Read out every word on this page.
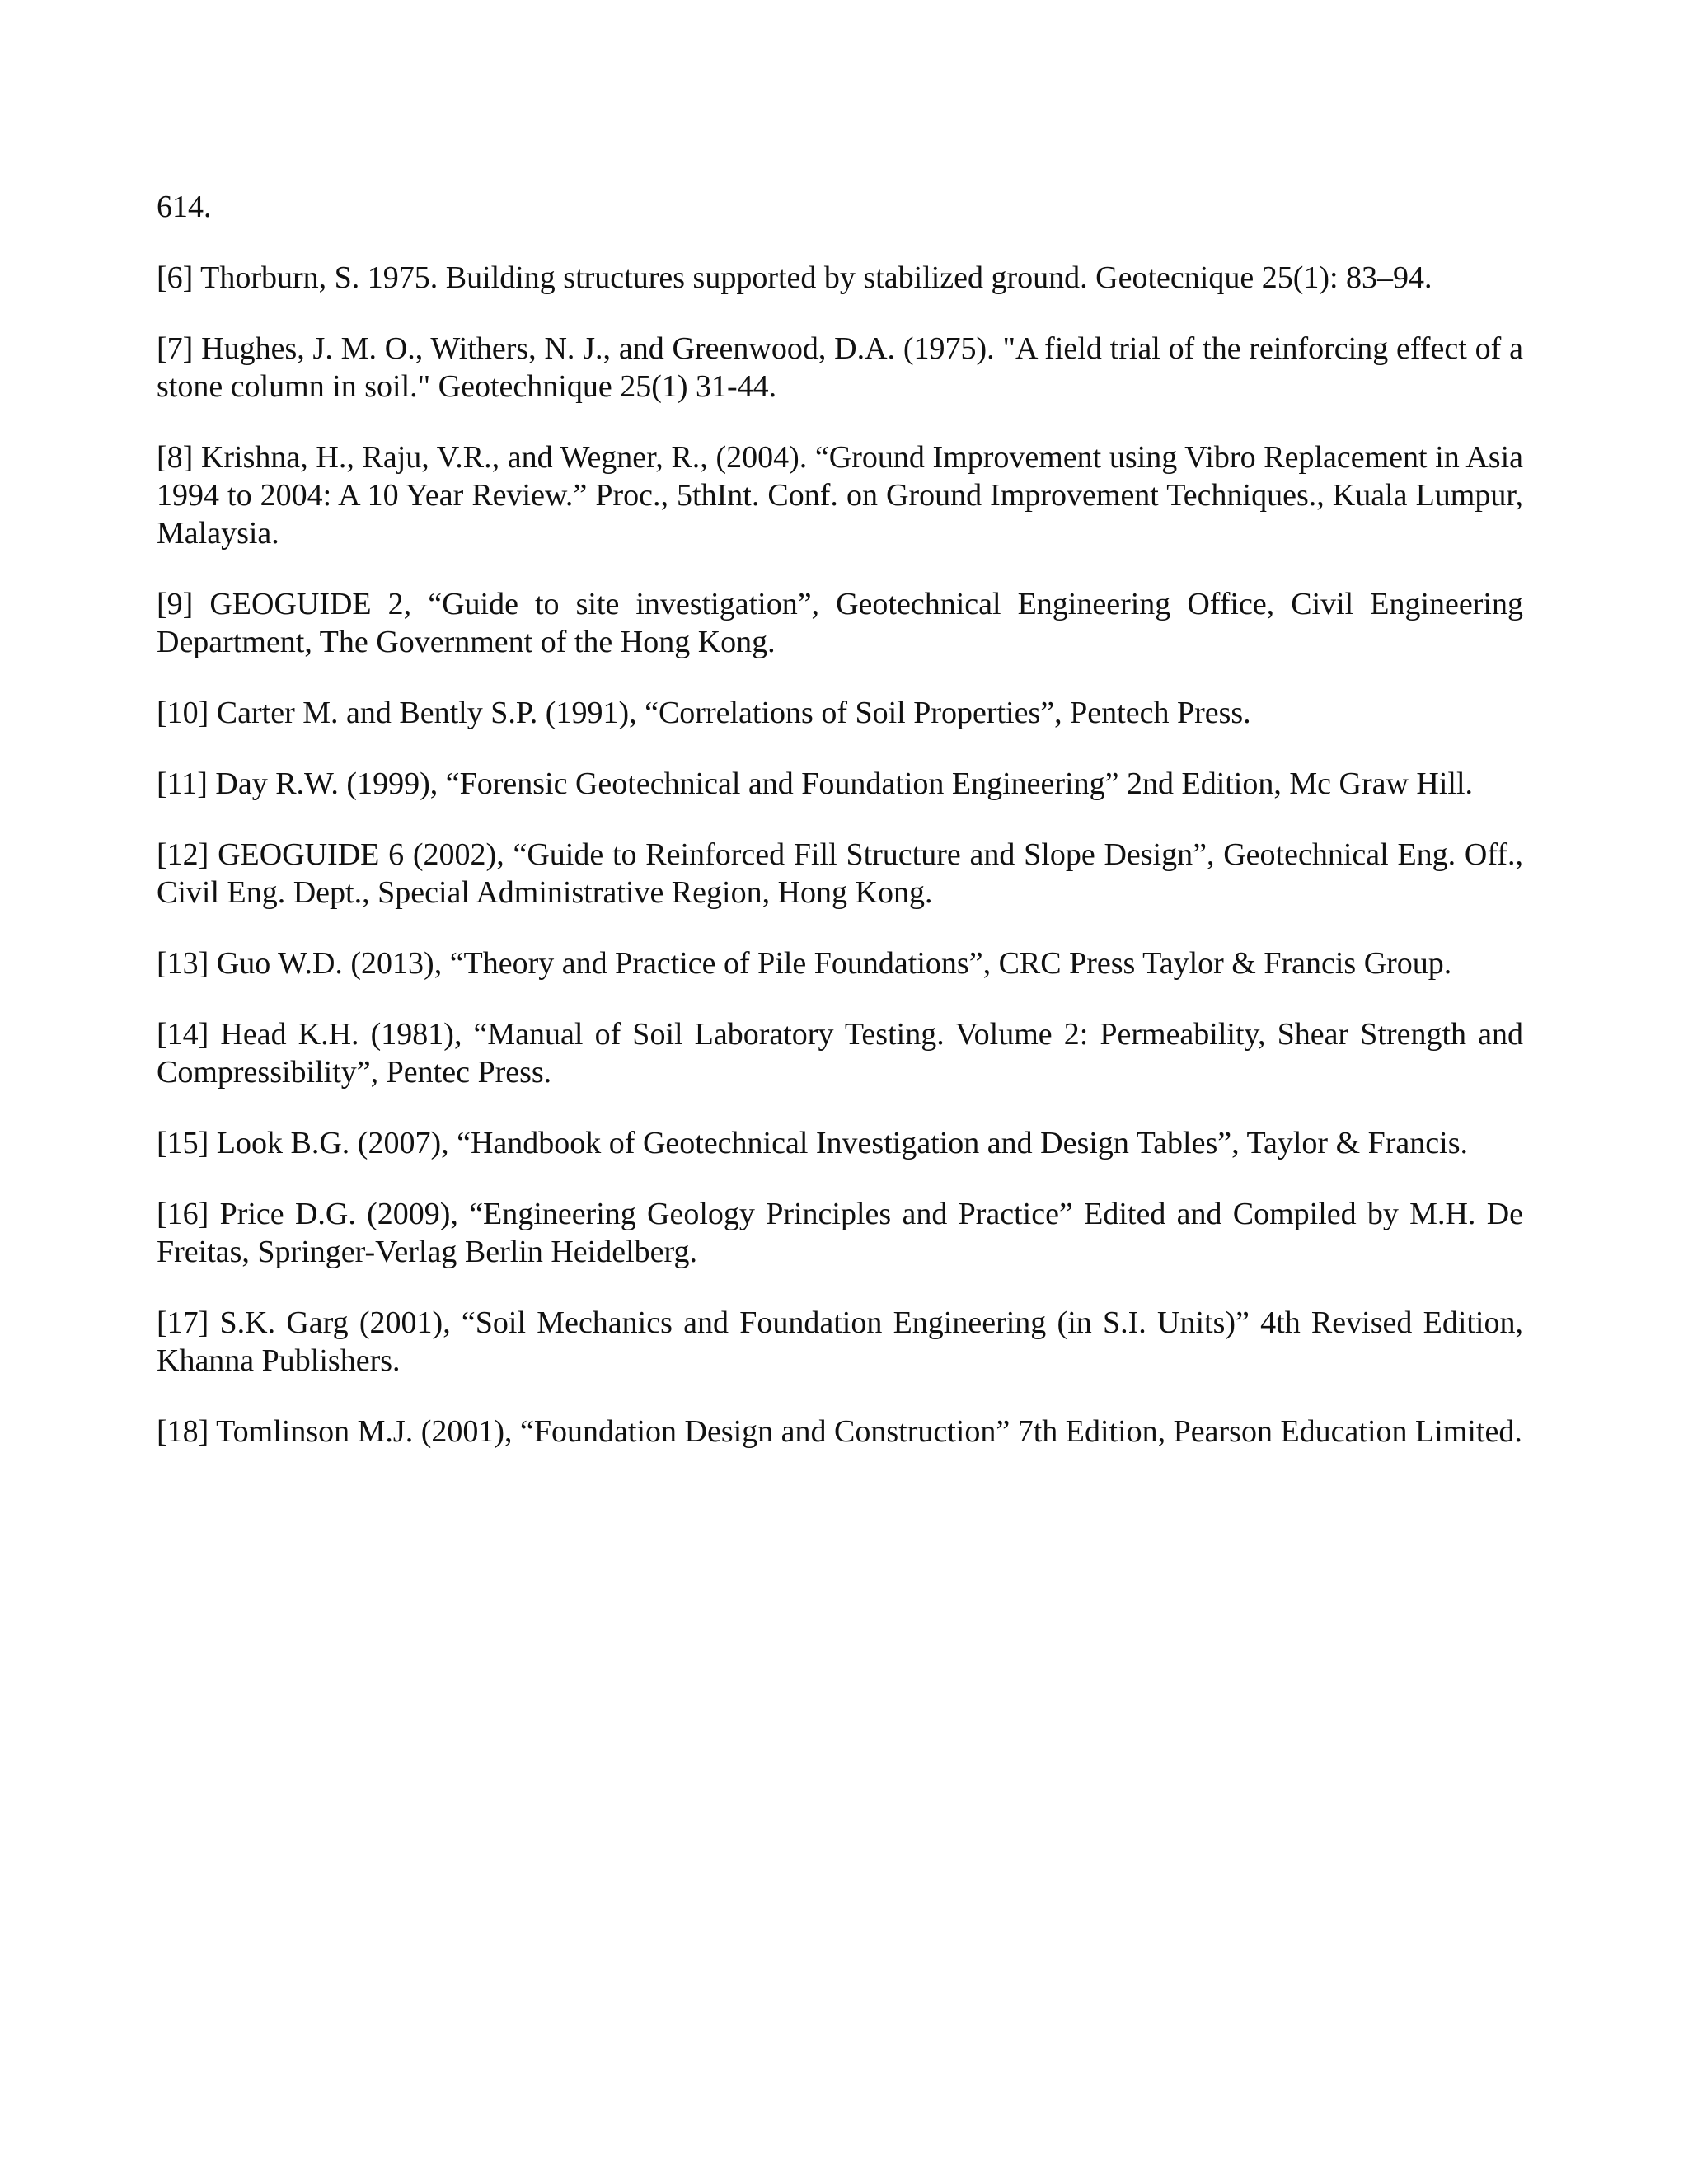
614.

[6] Thorburn, S. 1975. Building structures supported by stabilized ground. Geotecnique 25(1): 83–94.

[7] Hughes, J. M. O., Withers, N. J., and Greenwood, D.A. (1975). "A field trial of the reinforcing effect of a stone column in soil." Geotechnique 25(1) 31-44.

[8] Krishna, H., Raju, V.R., and Wegner, R., (2004). “Ground Improvement using Vibro Replacement in Asia 1994 to 2004: A 10 Year Review.” Proc., 5thInt. Conf. on Ground Improvement Techniques., Kuala Lumpur, Malaysia.

[9] GEOGUIDE 2, “Guide to site investigation”, Geotechnical Engineering Office, Civil Engineering Department, The Government of the Hong Kong.

[10] Carter M. and Bently S.P. (1991), “Correlations of Soil Properties”, Pentech Press.

[11] Day R.W. (1999), “Forensic Geotechnical and Foundation Engineering” 2nd Edition, Mc Graw Hill.

[12] GEOGUIDE 6 (2002), “Guide to Reinforced Fill Structure and Slope Design”, Geotechnical Eng. Off., Civil Eng. Dept., Special Administrative Region, Hong Kong.

[13] Guo W.D. (2013), “Theory and Practice of Pile Foundations”, CRC Press Taylor & Francis Group.

[14] Head K.H. (1981), “Manual of Soil Laboratory Testing. Volume 2: Permeability, Shear Strength and Compressibility”, Pentec Press.

[15] Look B.G. (2007), “Handbook of Geotechnical Investigation and Design Tables”, Taylor & Francis.

[16] Price D.G. (2009), “Engineering Geology Principles and Practice” Edited and Compiled by M.H. De Freitas, Springer-Verlag Berlin Heidelberg.

[17] S.K. Garg (2001), “Soil Mechanics and Foundation Engineering (in S.I. Units)” 4th Revised Edition, Khanna Publishers.

[18] Tomlinson M.J. (2001), “Foundation Design and Construction” 7th Edition, Pearson Education Limited.
